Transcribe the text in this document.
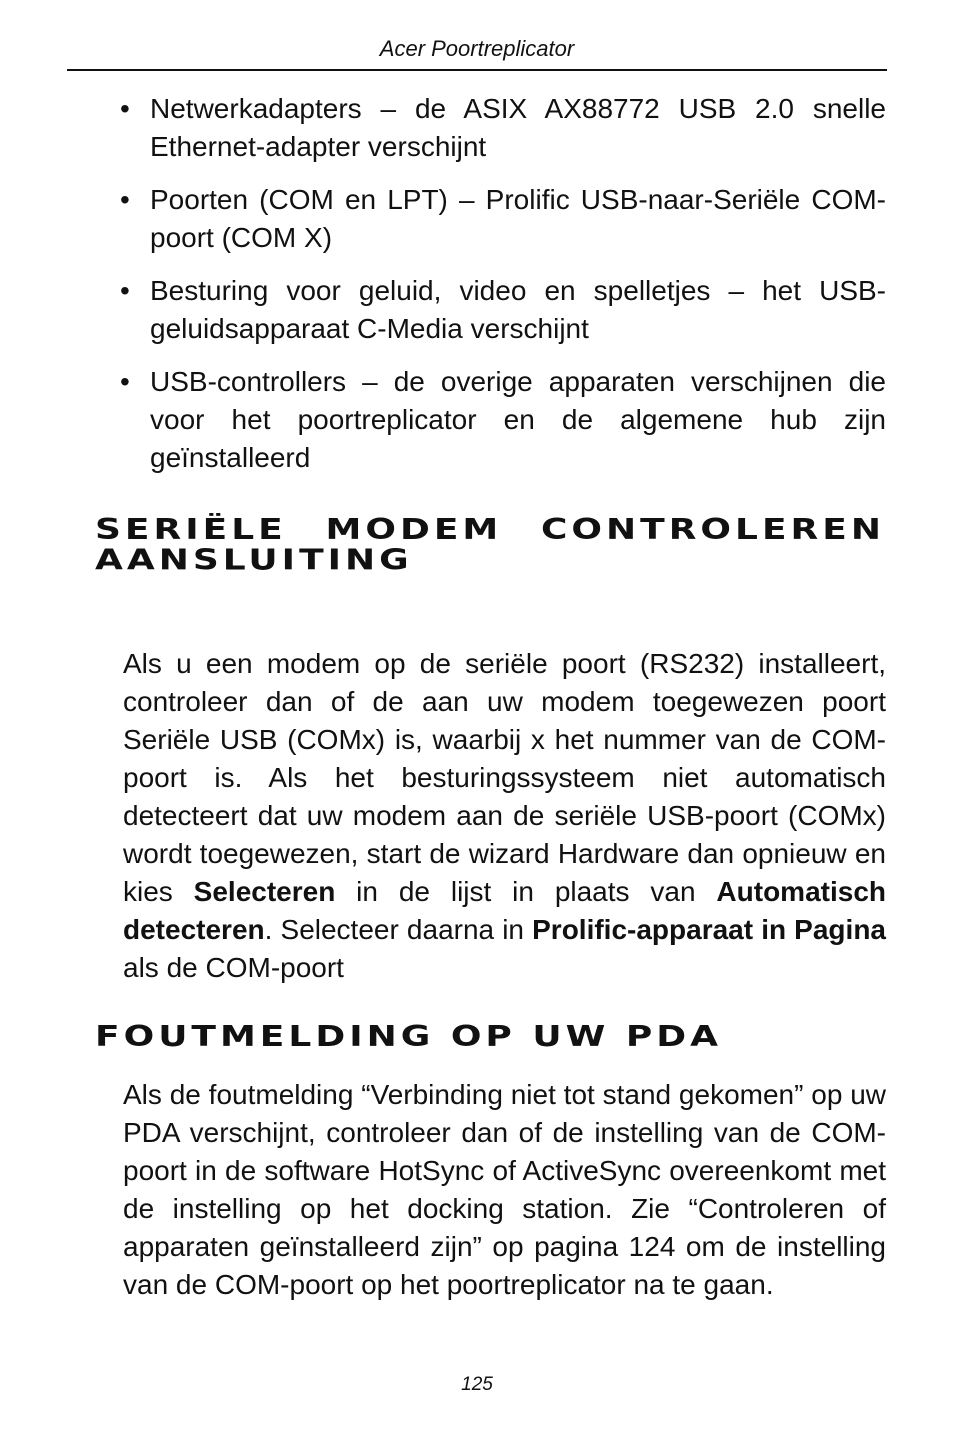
Acer Poortreplicator
• Netwerkadapters – de ASIX AX88772 USB 2.0 snelle Ethernet-adapter verschijnt
• Poorten (COM en LPT) – Prolific USB-naar-Seriële COM-poort (COM X)
• Besturing voor geluid, video en spelletjes – het USB-geluidsapparaat C-Media verschijnt
• USB-controllers – de overige apparaten verschijnen die voor het poortreplicator en de algemene hub zijn geïnstalleerd
SERIËLE MODEM CONTROLEREN AANSLUITING

Als u een modem op de seriële poort (RS232) installeert, controleer dan of de aan uw modem toegewezen poort Seriële USB (COMx) is, waarbij x het nummer van de COM-poort is. Als het besturingssysteem niet automatisch detecteert dat uw modem aan de seriële USB-poort (COMx) wordt toegewezen, start de wizard Hardware dan opnieuw en kies Selecteren in de lijst in plaats van Automatisch detecteren. Selecteer daarna in Prolific-apparaat in Pagina als de COM-poort

FOUTMELDING OP UW PDA

Als de foutmelding “Verbinding niet tot stand gekomen” op uw PDA verschijnt, controleer dan of de instelling van de COM-poort in de software HotSync of ActiveSync overeenkomt met de instelling op het docking station. Zie “Controleren of apparaten geïnstalleerd zijn” op pagina 124 om de instelling van de COM-poort op het poortreplicator na te gaan.

125
